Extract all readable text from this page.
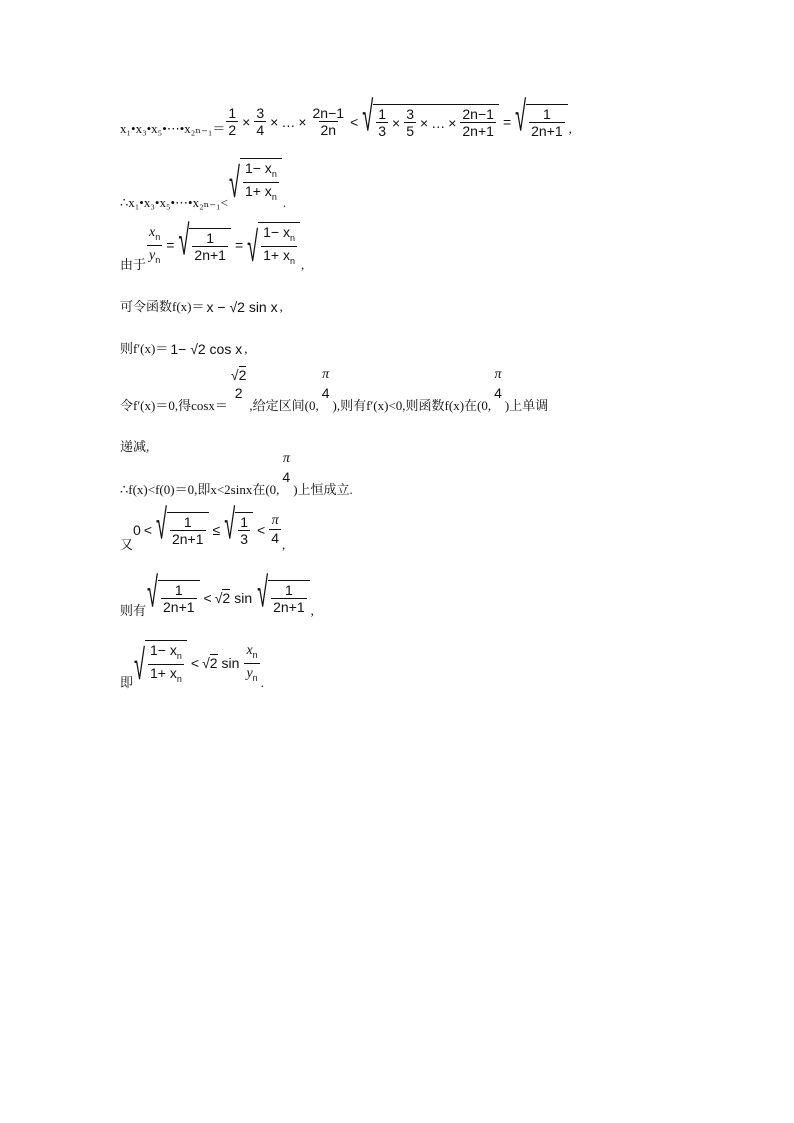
x₁•x₃•x₅•⋯•x₂ₙ₋₁＝ $\frac{1}{2} \times \frac{3}{4}$ × … × $\frac{2n-1}{2n}$ < √ $\frac{1}{3} \times \frac{3}{5}$ × … × $\frac{2n-1}{2n+1}$ = √ $\frac{1}{2n+1}$ ,
∴x₁•x₃•x₅•⋯•x₂ₙ₋₁< √ $\frac{1- x_n}{1+ x_n}$ .
由于 $\frac{x_n}{y_n}$ = √ $\frac{1}{2n+1}$ = √ $\frac{1- x_n}{1+ x_n}$ ,
可令函数f(x)＝ x − √2 sin x ,
则f′(x)＝ 1− √2 cos x ,
令f′(x)＝0,得cosx＝
√2
2
,给定区间(0,
π
4
),则有f′(x)<0,则函数f(x)在(0,
π
4
)上单调
递减,
∴f(x)<f(0)＝0,即x<2sinx在(0,
π
4
)上恒成立.
又
0 < √ $\frac{1}{2n+1}$ ≤ √ $\frac{1}{3} < \frac{\pi}{4}$ ,
则有 √ $\frac{1}{2n+1} < √2$ sin √ $\frac{1}{2n+1}$ ,
即 √ $\frac{1- x_n}{1+ x_n} < √2$ $\sin \frac{x_n}{y_n}$ .
